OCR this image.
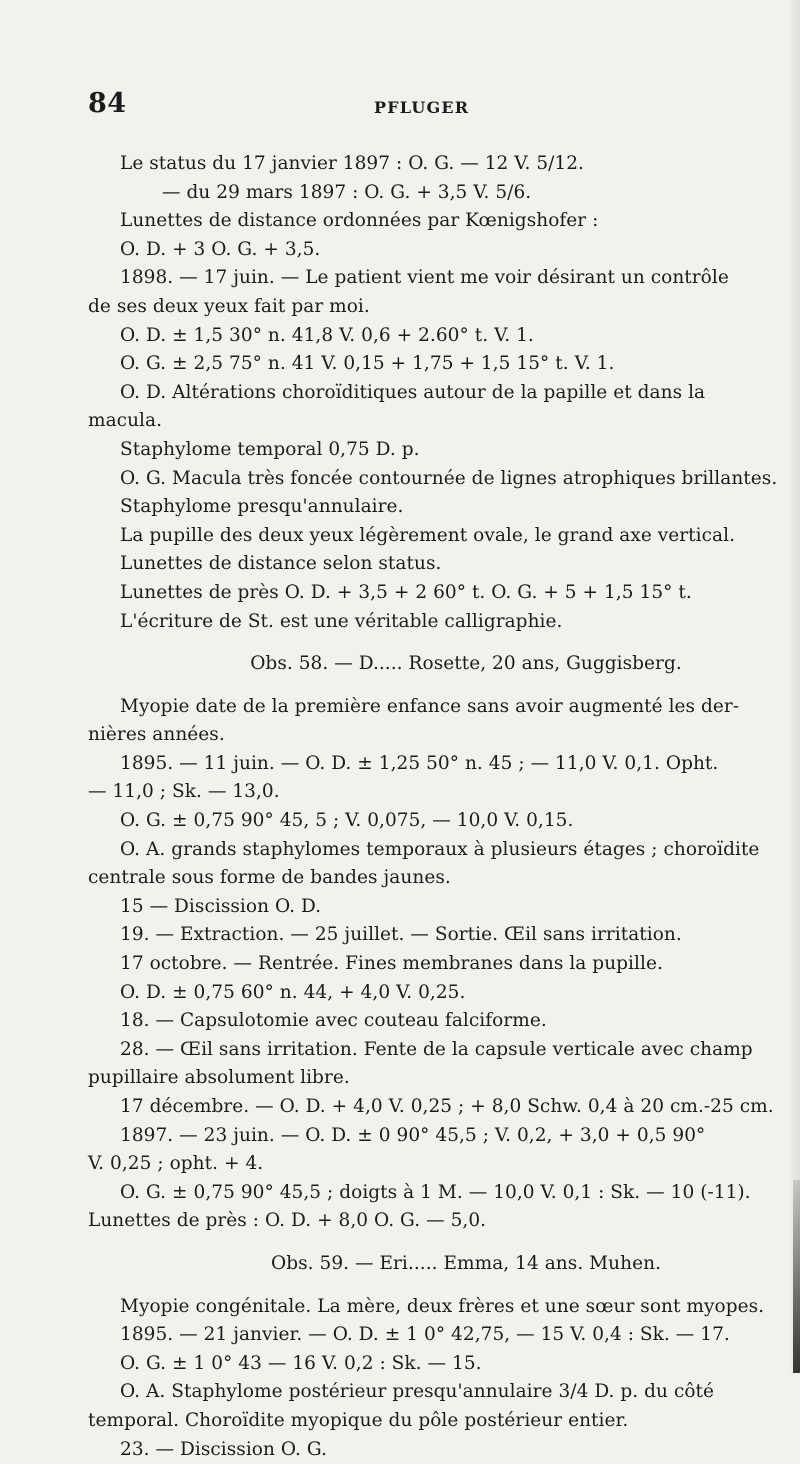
84	PFLUGER
Le status du 17 janvier 1897 : O. G. — 12 V. 5/12.
— du 29 mars 1897 : O. G. + 3,5 V. 5/6.
Lunettes de distance ordonnées par Kœnigshofer :
O. D. + 3 O. G. + 3,5.
1898. — 17 juin. — Le patient vient me voir désirant un contrôle
de ses deux yeux fait par moi.
O. D. ± 1,5 30° n. 41,8 V. 0,6 + 2.60° t. V. 1.
O. G. ± 2,5 75° n. 41 V. 0,15 + 1,75 + 1,5 15° t. V. 1.
O. D. Altérations choroïditiques autour de la papille et dans la
macula.
Staphylome temporal 0,75 D. p.
O. G. Macula très foncée contournée de lignes atrophiques brillantes.
Staphylome presqu'annulaire.
La pupille des deux yeux légèrement ovale, le grand axe vertical.
Lunettes de distance selon status.
Lunettes de près O. D. + 3,5 + 2 60° t. O. G. + 5 + 1,5 15° t.
L'écriture de St. est une véritable calligraphie.
Obs. 58. — D..... Rosette, 20 ans, Guggisberg.
Myopie date de la première enfance sans avoir augmenté les der-
nières années.
1895. — 11 juin. — O. D. ± 1,25 50° n. 45 ; — 11,0 V. 0,1. Opht.
— 11,0 ; Sk. — 13,0.
O. G. ± 0,75 90° 45, 5 ; V. 0,075, — 10,0 V. 0,15.
O. A. grands staphylomes temporaux à plusieurs étages ; choroïdite
centrale sous forme de bandes jaunes.
15 — Discission O. D.
19. — Extraction. — 25 juillet. — Sortie. Œil sans irritation.
17 octobre. — Rentrée. Fines membranes dans la pupille.
O. D. ± 0,75 60° n. 44, + 4,0 V. 0,25.
18. — Capsulotomie avec couteau falciforme.
28. — Œil sans irritation. Fente de la capsule verticale avec champ
pupillaire absolument libre.
17 décembre. — O. D. + 4,0 V. 0,25 ; + 8,0 Schw. 0,4 à 20 cm.-25 cm.
1897. — 23 juin. — O. D. ± 0 90° 45,5 ; V. 0,2, + 3,0 + 0,5 90°
V. 0,25 ; opht. + 4.
O. G. ± 0,75 90° 45,5 ; doigts à 1 M. — 10,0 V. 0,1 : Sk. — 10 (-11).
Lunettes de près : O. D. + 8,0 O. G. — 5,0.
Obs. 59. — Eri..... Emma, 14 ans. Muhen.
Myopie congénitale. La mère, deux frères et une sœur sont myopes.
1895. — 21 janvier. — O. D. ± 1 0° 42,75, — 15 V. 0,4 : Sk. — 17.
O. G. ± 1 0° 43 — 16 V. 0,2 : Sk. — 15.
O. A. Staphylome postérieur presqu'annulaire 3/4 D. p. du côté
temporal. Choroïdite myopique du pôle postérieur entier.
23. — Discission O. G.
